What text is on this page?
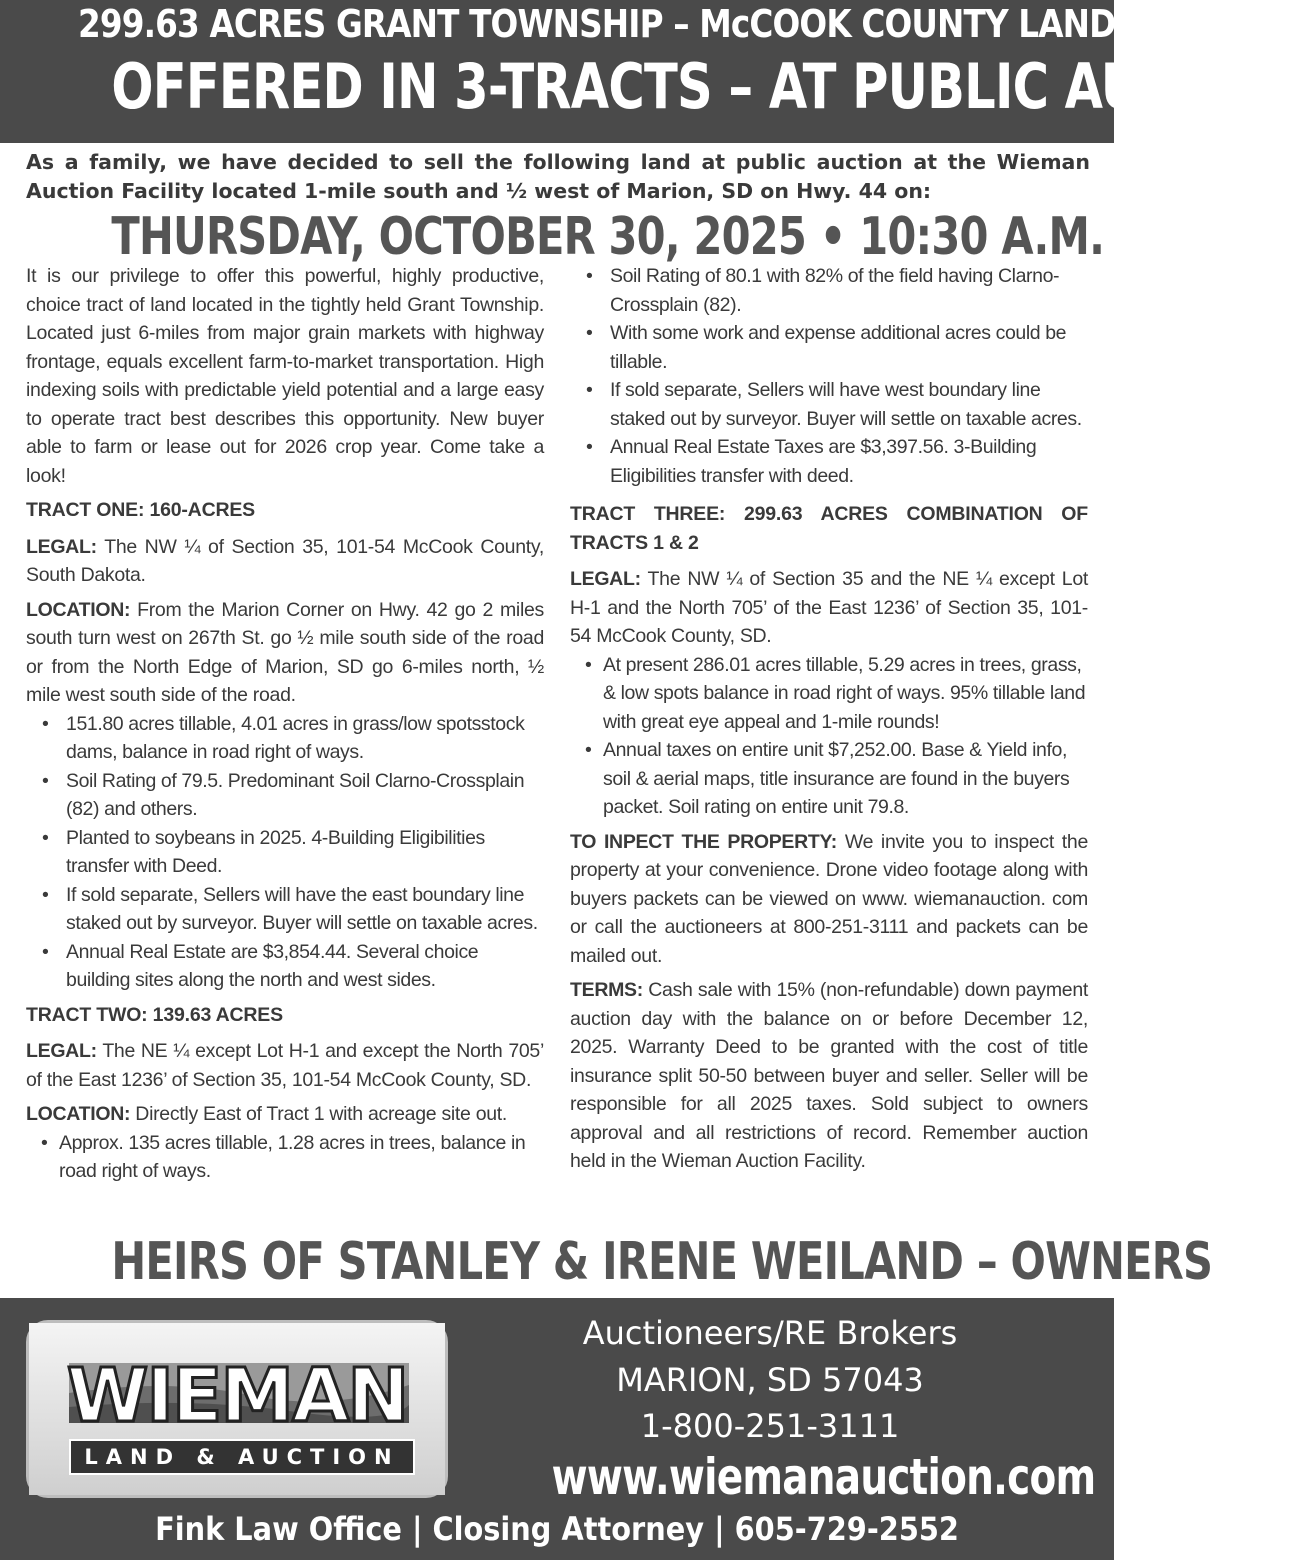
299.63 ACRES GRANT TOWNSHIP – McCOOK COUNTY LAND
OFFERED IN 3-TRACTS – AT PUBLIC AUCTION
As a family, we have decided to sell the following land at public auction at the Wieman Auction Facility located 1-mile south and ½ west of Marion, SD on Hwy. 44 on:
THURSDAY, OCTOBER 30, 2025 • 10:30 A.M.

It is our privilege to offer this powerful, highly productive, choice tract of land located in the tightly held Grant Township. Located just 6-miles from major grain markets with highway frontage, equals excellent farm-to-market transportation. High indexing soils with predictable yield potential and a large easy to operate tract best describes this opportunity. New buyer able to farm or lease out for 2026 crop year. Come take a look!

TRACT ONE: 160-ACRES

LEGAL: The NW ¼ of Section 35, 101-54 McCook County, South Dakota.

LOCATION: From the Marion Corner on Hwy. 42 go 2 miles south turn west on 267th St. go ½ mile south side of the road or from the North Edge of Marion, SD go 6-miles north, ½ mile west south side of the road.

• 151.80 acres tillable, 4.01 acres in grass/low spotsstock dams, balance in road right of ways.
• Soil Rating of 79.5. Predominant Soil Clarno-Crossplain (82) and others.
• Planted to soybeans in 2025. 4-Building Eligibilities transfer with Deed.
• If sold separate, Sellers will have the east boundary line staked out by surveyor. Buyer will settle on taxable acres.
• Annual Real Estate are $3,854.44. Several choice building sites along the north and west sides.
TRACT TWO: 139.63 ACRES

LEGAL: The NE ¼ except Lot H-1 and except the North 705’ of the East 1236’ of Section 35, 101-54 McCook County, SD.

LOCATION: Directly East of Tract 1 with acreage site out.

• Approx. 135 acres tillable, 1.28 acres in trees, balance in road right of ways.
• Soil Rating of 80.1 with 82% of the field having Clarno-Crossplain (82).
• With some work and expense additional acres could be tillable.
• If sold separate, Sellers will have west boundary line staked out by surveyor. Buyer will settle on taxable acres.
• Annual Real Estate Taxes are $3,397.56. 3-Building Eligibilities transfer with deed.
TRACT THREE: 299.63 ACRES COMBINATION OF TRACTS 1 & 2

LEGAL: The NW ¼ of Section 35 and the NE ¼ except Lot H-1 and the North 705’ of the East 1236’ of Section 35, 101-54 McCook County, SD.

• At present 286.01 acres tillable, 5.29 acres in trees, grass, & low spots balance in road right of ways. 95% tillable land with great eye appeal and 1-mile rounds!
• Annual taxes on entire unit $7,252.00. Base & Yield info, soil & aerial maps, title insurance are found in the buyers packet. Soil rating on entire unit 79.8.

TO INPECT THE PROPERTY: We invite you to inspect the property at your convenience. Drone video footage along with buyers packets can be viewed on www. wiemanauction. com or call the auctioneers at 800-251-3111 and packets can be mailed out.

TERMS: Cash sale with 15% (non-refundable) down payment auction day with the balance on or before December 12, 2025. Warranty Deed to be granted with the cost of title insurance split 50-50 between buyer and seller. Seller will be responsible for all 2025 taxes. Sold subject to owners approval and all restrictions of record. Remember auction held in the Wieman Auction Facility.

HEIRS OF STANLEY & IRENE WEILAND – OWNERS
WIEMAN
LAND & AUCTION
Auctioneers/RE Brokers
MARION, SD 57043
1-800-251-3111
www.wiemanauction.com
Fink Law Office | Closing Attorney | 605-729-2552
